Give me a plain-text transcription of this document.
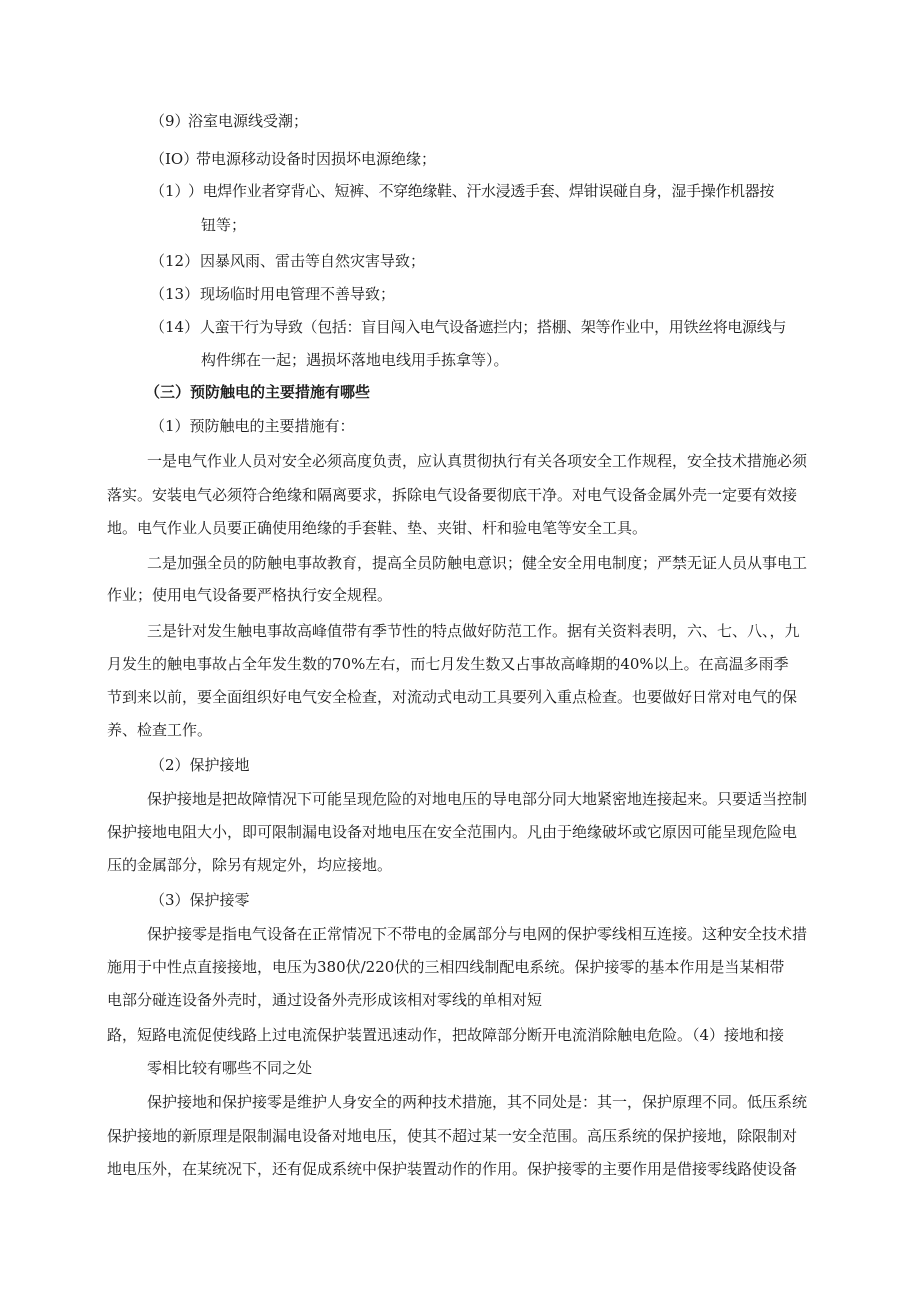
（9）浴室电源线受潮；
（IO）带电源移动设备时因损坏电源绝缘；
（1））电焊作业者穿背心、短裤、不穿绝缘鞋、汗水浸透手套、焊钳误碰自身，湿手操作机器按
钮等；
（12）因暴风雨、雷击等自然灾害导致；
（13）现场临时用电管理不善导致；
（14）人蛮干行为导致（包括：盲目闯入电气设备遮拦内；搭棚、架等作业中，用铁丝将电源线与
构件绑在一起；遇损坏落地电线用手拣拿等）。
（三）预防触电的主要措施有哪些
（1）预防触电的主要措施有：
一是电气作业人员对安全必须高度负责，应认真贯彻执行有关各项安全工作规程，安全技术措施必须
落实。安装电气必须符合绝缘和隔离要求，拆除电气设备要彻底干净。对电气设备金属外壳一定要有效接
地。电气作业人员要正确使用绝缘的手套鞋、垫、夹钳、杆和验电笔等安全工具。
二是加强全员的防触电事故教育，提高全员防触电意识；健全安全用电制度；严禁无证人员从事电工
作业；使用电气设备要严格执行安全规程。
三是针对发生触电事故高峰值带有季节性的特点做好防范工作。据有关资料表明，六、七、八、，九
月发生的触电事故占全年发生数的70%左右，而七月发生数又占事故高峰期的40%以上。在高温多雨季
节到来以前，要全面组织好电气安全检查，对流动式电动工具要列入重点检查。也要做好日常对电气的保
养、检查工作。
（2）保护接地
保护接地是把故障情况下可能呈现危险的对地电压的导电部分同大地紧密地连接起来。只要适当控制
保护接地电阻大小，即可限制漏电设备对地电压在安全范围内。凡由于绝缘破坏或它原因可能呈现危险电
压的金属部分，除另有规定外，均应接地。
（3）保护接零
保护接零是指电气设备在正常情况下不带电的金属部分与电网的保护零线相互连接。这种安全技术措
施用于中性点直接接地，电压为380伏/220伏的三相四线制配电系统。保护接零的基本作用是当某相带
电部分碰连设备外壳时，通过设备外壳形成该相对零线的单相对短
路，短路电流促使线路上过电流保护装置迅速动作，把故障部分断开电流消除触电危险。（4）接地和接
零相比较有哪些不同之处
保护接地和保护接零是维护人身安全的两种技术措施，其不同处是：其一，保护原理不同。低压系统
保护接地的新原理是限制漏电设备对地电压，使其不超过某一安全范围。高压系统的保护接地，除限制对
地电压外，在某统况下，还有促成系统中保护装置动作的作用。保护接零的主要作用是借接零线路使设备
